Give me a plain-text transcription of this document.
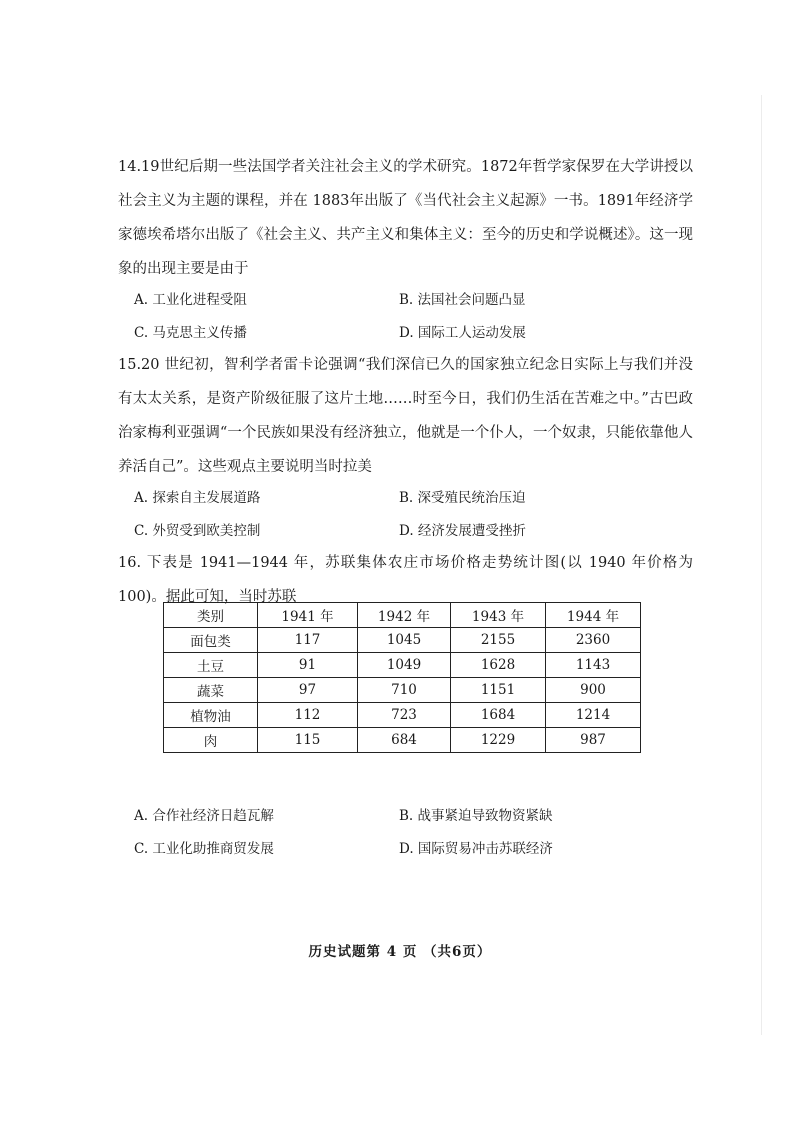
14.19世纪后期一些法国学者关注社会主义的学术研究。1872年哲学家保罗在大学讲授以社会主义为主题的课程，并在 1883年出版了《当代社会主义起源》一书。1891年经济学家德埃希塔尔出版了《社会主义、共产主义和集体主义：至今的历史和学说概述》。这一现象的出现主要是由于
A. 工业化进程受阻	B. 法国社会问题凸显
C. 马克思主义传播	D. 国际工人运动发展
15.20 世纪初，智利学者雷卡论强调“我们深信已久的国家独立纪念日实际上与我们并没有太太关系，是资产阶级征服了这片土地……时至今日，我们仍生活在苦难之中。”古巴政治家梅利亚强调“一个民族如果没有经济独立，他就是一个仆人，一个奴隶，只能依靠他人养活自己”。这些观点主要说明当时拉美
A. 探索自主发展道路	B. 深受殖民统治压迫
C. 外贸受到欧美控制	D. 经济发展遭受挫折
16. 下表是 1941—1944 年，苏联集体农庄市场价格走势统计图(以 1940 年价格为 100)。据此可知，当时苏联
类别	1941 年	1942 年	1943 年	1944 年
面包类	117	1045	2155	2360
土豆	91	1049	1628	1143
蔬菜	97	710	1151	900
植物油	112	723	1684	1214
肉	115	684	1229	987
A. 合作社经济日趋瓦解	B. 战事紧迫导致物资紧缺
C. 工业化助推商贸发展	D. 国际贸易冲击苏联经济
历史试题第 4 页 （共6页）
